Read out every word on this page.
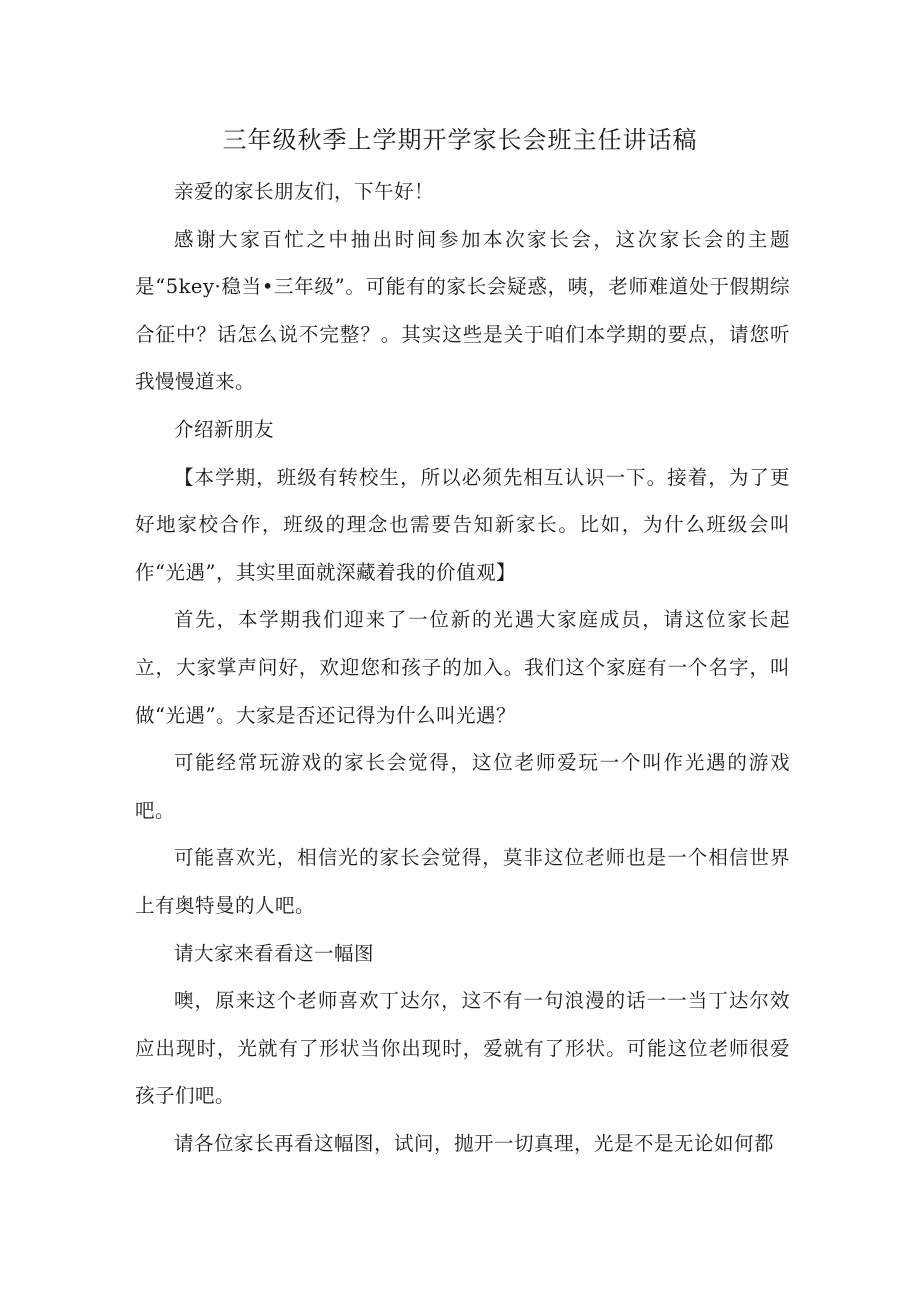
三年级秋季上学期开学家长会班主任讲话稿

亲爱的家长朋友们，下午好！

感谢大家百忙之中抽出时间参加本次家长会，这次家长会的主题是“5key·稳当•三年级”。可能有的家长会疑惑，咦，老师难道处于假期综合征中？话怎么说不完整？。其实这些是关于咱们本学期的要点，请您听我慢慢道来。

介绍新朋友

【本学期，班级有转校生，所以必须先相互认识一下。接着，为了更好地家校合作，班级的理念也需要告知新家长。比如，为什么班级会叫作“光遇”，其实里面就深藏着我的价值观】

首先，本学期我们迎来了一位新的光遇大家庭成员，请这位家长起立，大家掌声问好，欢迎您和孩子的加入。我们这个家庭有一个名字，叫做“光遇”。大家是否还记得为什么叫光遇？

可能经常玩游戏的家长会觉得，这位老师爱玩一个叫作光遇的游戏吧。

可能喜欢光，相信光的家长会觉得，莫非这位老师也是一个相信世界上有奥特曼的人吧。

请大家来看看这一幅图

噢，原来这个老师喜欢丁达尔，这不有一句浪漫的话一一当丁达尔效应出现时，光就有了形状当你出现时，爱就有了形状。可能这位老师很爱孩子们吧。

请各位家长再看这幅图，试问，抛开一切真理，光是不是无论如何都
